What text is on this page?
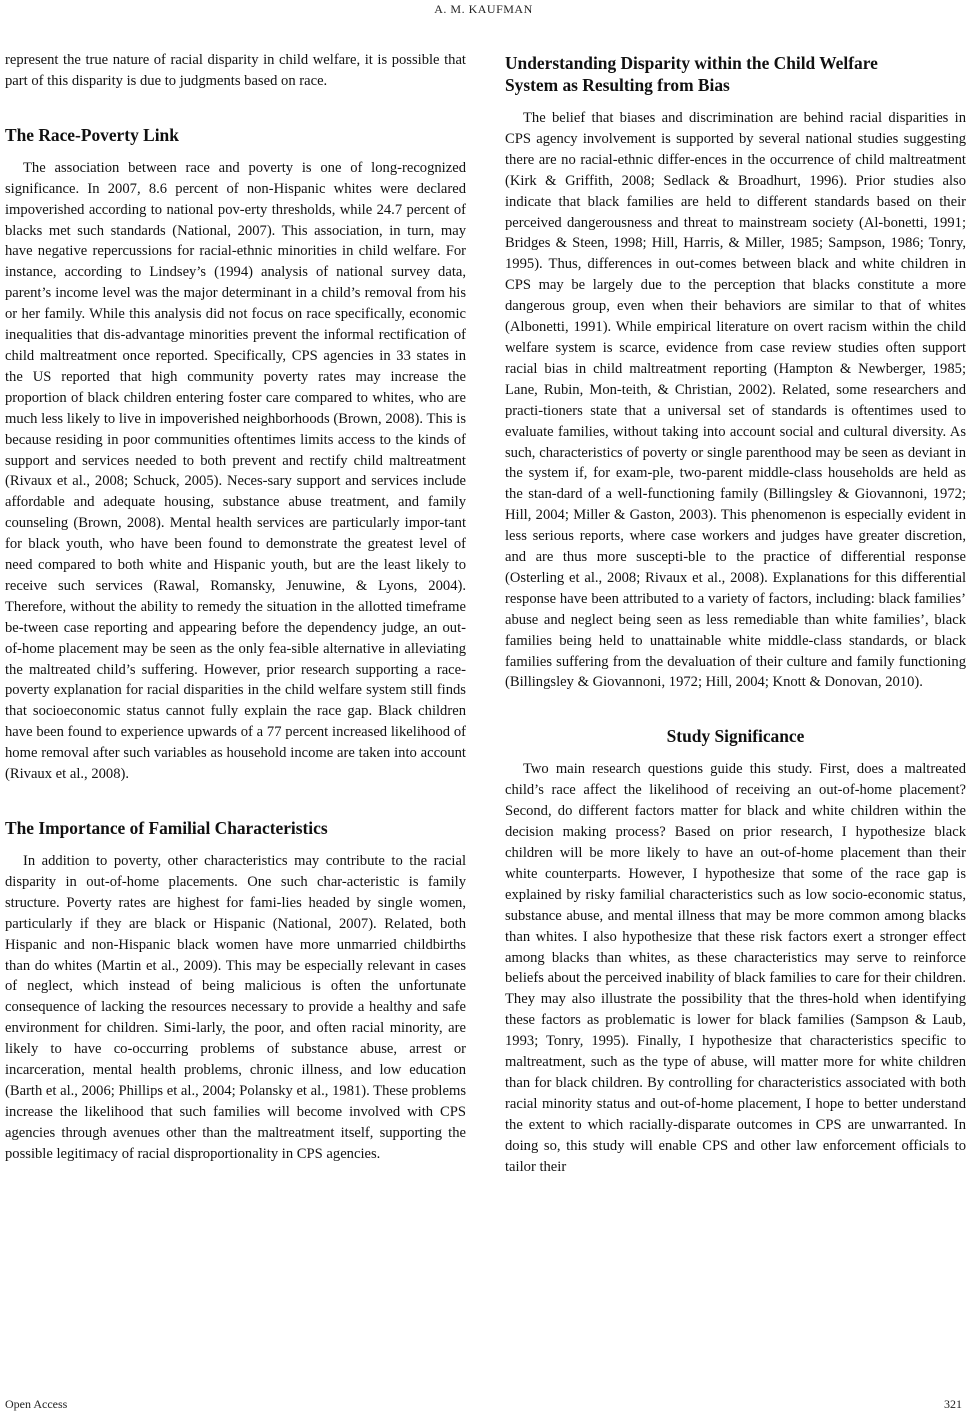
A. M. KAUFMAN

represent the true nature of racial disparity in child welfare, it is possible that part of this disparity is due to judgments based on race.

The Race-Poverty Link

The association between race and poverty is one of long-recognized significance. In 2007, 8.6 percent of non-Hispanic whites were declared impoverished according to national pov-erty thresholds, while 24.7 percent of blacks met such standards (National, 2007). This association, in turn, may have negative repercussions for racial-ethnic minorities in child welfare. For instance, according to Lindsey’s (1994) analysis of national survey data, parent’s income level was the major determinant in a child’s removal from his or her family. While this analysis did not focus on race specifically, economic inequalities that dis-advantage minorities prevent the informal rectification of child maltreatment once reported. Specifically, CPS agencies in 33 states in the US reported that high community poverty rates may increase the proportion of black children entering foster care compared to whites, who are much less likely to live in impoverished neighborhoods (Brown, 2008). This is because residing in poor communities oftentimes limits access to the kinds of support and services needed to both prevent and rectify child maltreatment (Rivaux et al., 2008; Schuck, 2005). Neces-sary support and services include affordable and adequate housing, substance abuse treatment, and family counseling (Brown, 2008). Mental health services are particularly impor-tant for black youth, who have been found to demonstrate the greatest level of need compared to both white and Hispanic youth, but are the least likely to receive such services (Rawal, Romansky, Jenuwine, & Lyons, 2004). Therefore, without the ability to remedy the situation in the allotted timeframe be-tween case reporting and appearing before the dependency judge, an out-of-home placement may be seen as the only fea-sible alternative in alleviating the maltreated child’s suffering. However, prior research supporting a race-poverty explanation for racial disparities in the child welfare system still finds that socioeconomic status cannot fully explain the race gap. Black children have been found to experience upwards of a 77 percent increased likelihood of home removal after such variables as household income are taken into account (Rivaux et al., 2008).

The Importance of Familial Characteristics

In addition to poverty, other characteristics may contribute to the racial disparity in out-of-home placements. One such char-acteristic is family structure. Poverty rates are highest for fami-lies headed by single women, particularly if they are black or Hispanic (National, 2007). Related, both Hispanic and non-Hispanic black women have more unmarried childbirths than do whites (Martin et al., 2009). This may be especially relevant in cases of neglect, which instead of being malicious is often the unfortunate consequence of lacking the resources necessary to provide a healthy and safe environment for children. Simi-larly, the poor, and often racial minority, are likely to have co-occurring problems of substance abuse, arrest or incarceration, mental health problems, chronic illness, and low education (Barth et al., 2006; Phillips et al., 2004; Polansky et al., 1981). These problems increase the likelihood that such families will become involved with CPS agencies through avenues other than the maltreatment itself, supporting the possible legitimacy of racial disproportionality in CPS agencies.

Understanding Disparity within the Child Welfare
System as Resulting from Bias

The belief that biases and discrimination are behind racial disparities in CPS agency involvement is supported by several national studies suggesting there are no racial-ethnic differ-ences in the occurrence of child maltreatment (Kirk & Griffith, 2008; Sedlack & Broadhurt, 1996). Prior studies also indicate that black families are held to different standards based on their perceived dangerousness and threat to mainstream society (Al-bonetti, 1991; Bridges & Steen, 1998; Hill, Harris, & Miller, 1985; Sampson, 1986; Tonry, 1995). Thus, differences in out-comes between black and white children in CPS may be largely due to the perception that blacks constitute a more dangerous group, even when their behaviors are similar to that of whites (Albonetti, 1991). While empirical literature on overt racism within the child welfare system is scarce, evidence from case review studies often support racial bias in child maltreatment reporting (Hampton & Newberger, 1985; Lane, Rubin, Mon-teith, & Christian, 2002). Related, some researchers and practi-tioners state that a universal set of standards is oftentimes used to evaluate families, without taking into account social and cultural diversity. As such, characteristics of poverty or single parenthood may be seen as deviant in the system if, for exam-ple, two-parent middle-class households are held as the stan-dard of a well-functioning family (Billingsley & Giovannoni, 1972; Hill, 2004; Miller & Gaston, 2003). This phenomenon is especially evident in less serious reports, where case workers and judges have greater discretion, and are thus more suscepti-ble to the practice of differential response (Osterling et al., 2008; Rivaux et al., 2008). Explanations for this differential response have been attributed to a variety of factors, including: black families’ abuse and neglect being seen as less remediable than white families’, black families being held to unattainable white middle-class standards, or black families suffering from the devaluation of their culture and family functioning (Billingsley & Giovannoni, 1972; Hill, 2004; Knott & Donovan, 2010).

Study Significance

Two main research questions guide this study. First, does a maltreated child’s race affect the likelihood of receiving an out-of-home placement? Second, do different factors matter for black and white children within the decision making process? Based on prior research, I hypothesize black children will be more likely to have an out-of-home placement than their white counterparts. However, I hypothesize that some of the race gap is explained by risky familial characteristics such as low socio-economic status, substance abuse, and mental illness that may be more common among blacks than whites. I also hypothesize that these risk factors exert a stronger effect among blacks than whites, as these characteristics may serve to reinforce beliefs about the perceived inability of black families to care for their children. They may also illustrate the possibility that the thres-hold when identifying these factors as problematic is lower for black families (Sampson & Laub, 1993; Tonry, 1995). Finally, I hypothesize that characteristics specific to maltreatment, such as the type of abuse, will matter more for white children than for black children. By controlling for characteristics associated with both racial minority status and out-of-home placement, I hope to better understand the extent to which racially-disparate outcomes in CPS are unwarranted. In doing so, this study will enable CPS and other law enforcement officials to tailor their

Open Access	321
